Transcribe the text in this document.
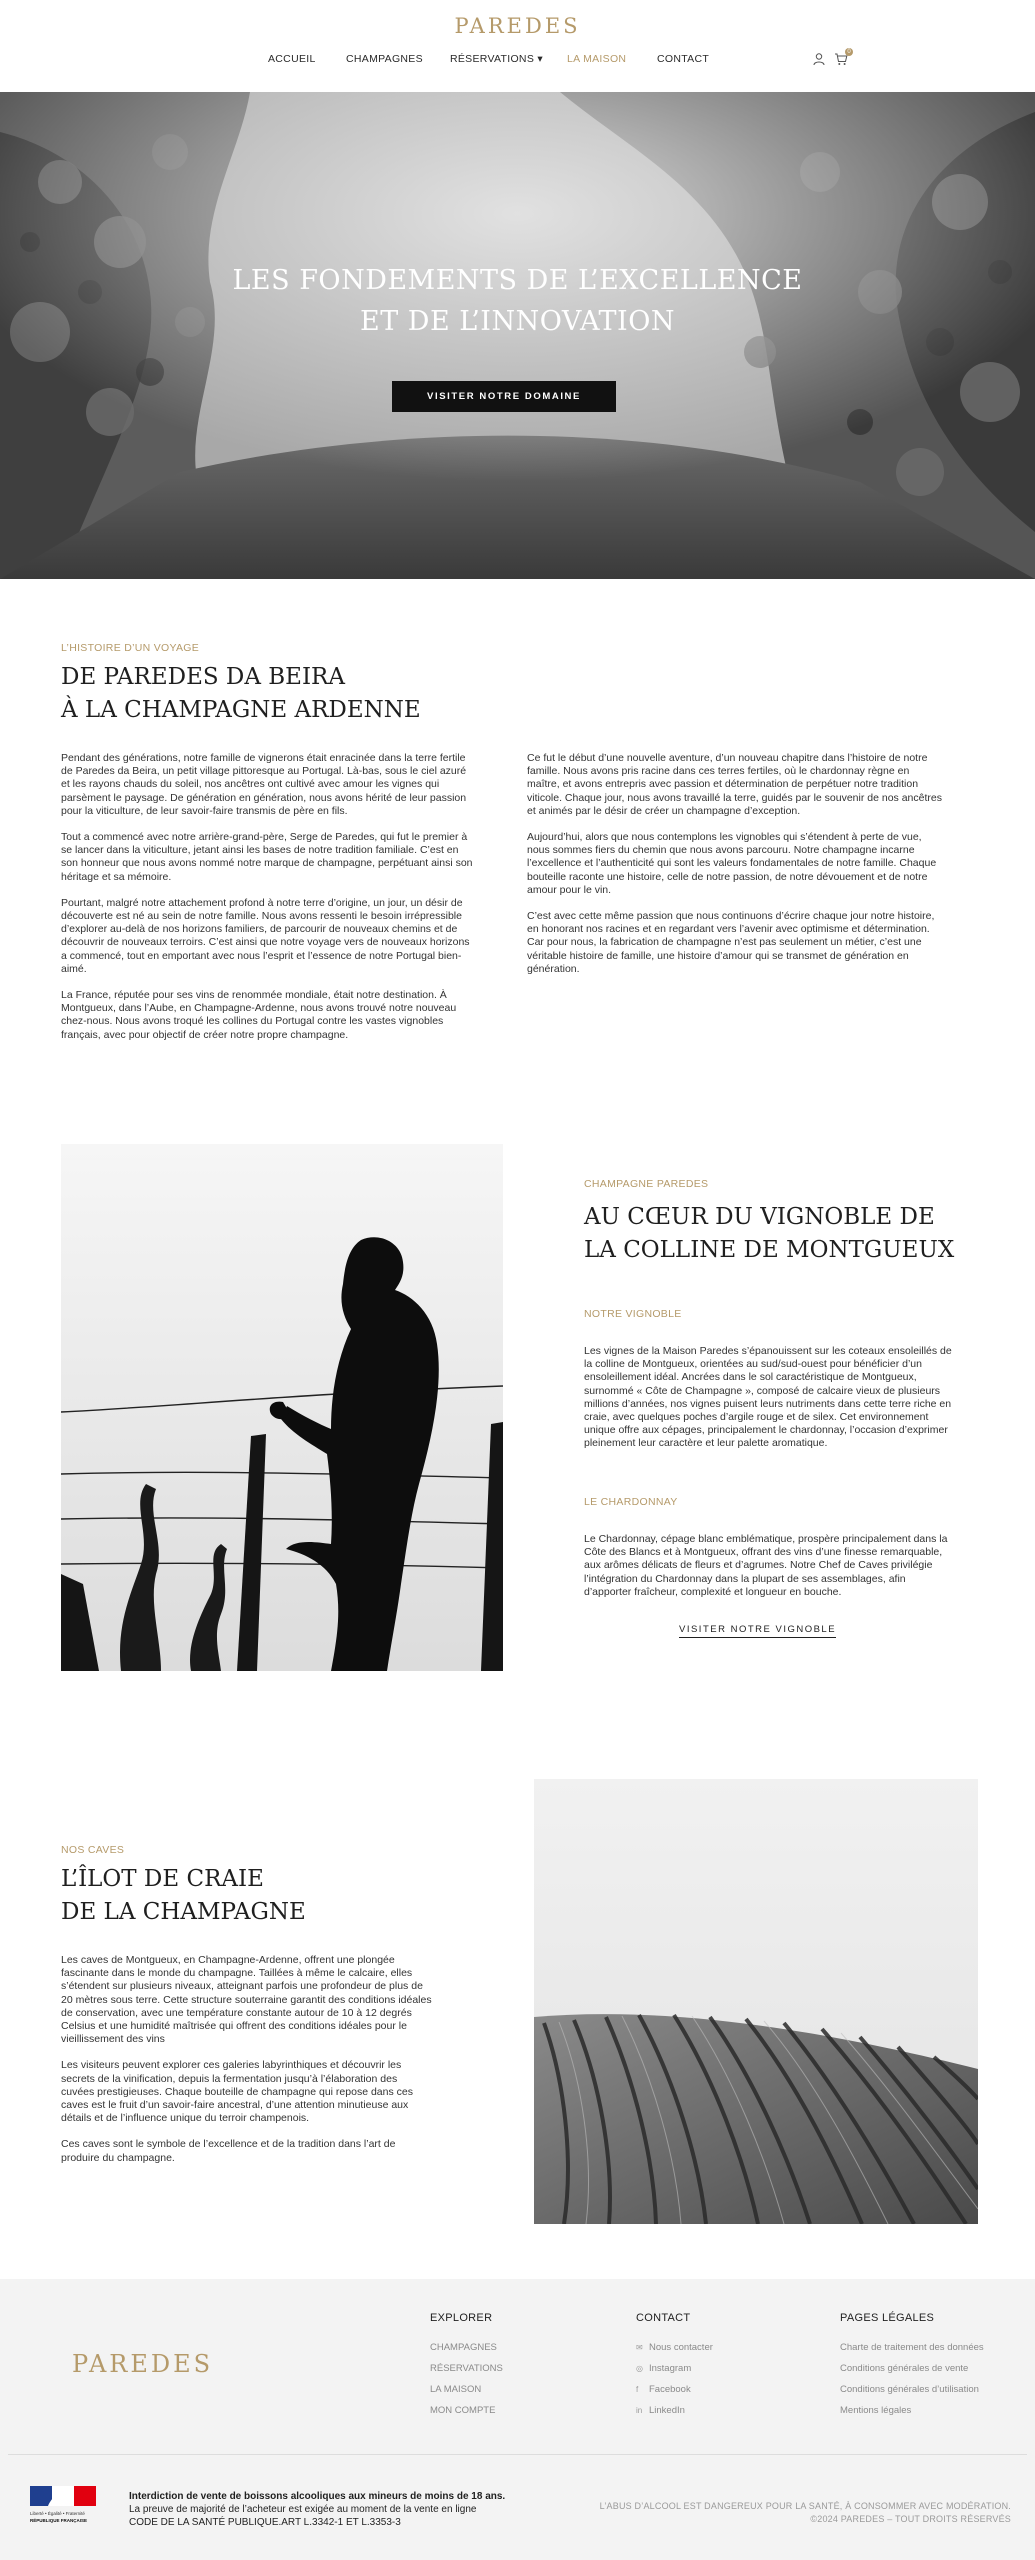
PAREDES
ACCUEIL	CHAMPAGNES	RÉSERVATIONS ▾ LA MAISON	CONTACT
0
LES FONDEMENTS DE L’EXCELLENCE
ET DE L’INNOVATION
VISITER NOTRE DOMAINE
L’HISTOIRE D’UN VOYAGE
DE PAREDES DA BEIRA
À LA CHAMPAGNE ARDENNE

Pendant des générations, notre famille de vignerons était enracinée dans la terre fertile de Paredes da Beira, un petit village pittoresque au Portugal. Là-bas, sous le ciel azuré et les rayons chauds du soleil, nos ancêtres ont cultivé avec amour les vignes qui parsèment le paysage. De génération en génération, nous avons hérité de leur passion pour la viticulture, de leur savoir-faire transmis de père en fils.

Tout a commencé avec notre arrière-grand-père, Serge de Paredes, qui fut le premier à se lancer dans la viticulture, jetant ainsi les bases de notre tradition familiale. C’est en son honneur que nous avons nommé notre marque de champagne, perpétuant ainsi son héritage et sa mémoire.

Pourtant, malgré notre attachement profond à notre terre d’origine, un jour, un désir de découverte est né au sein de notre famille. Nous avons ressenti le besoin irrépressible d’explorer au-delà de nos horizons familiers, de parcourir de nouveaux chemins et de découvrir de nouveaux terroirs. C’est ainsi que notre voyage vers de nouveaux horizons a commencé, tout en emportant avec nous l’esprit et l’essence de notre Portugal bien-aimé.

La France, réputée pour ses vins de renommée mondiale, était notre destination. À Montgueux, dans l’Aube, en Champagne-Ardenne, nous avons trouvé notre nouveau chez-nous. Nous avons troqué les collines du Portugal contre les vastes vignobles français, avec pour objectif de créer notre propre champagne.

Ce fut le début d’une nouvelle aventure, d’un nouveau chapitre dans l’histoire de notre famille. Nous avons pris racine dans ces terres fertiles, où le chardonnay règne en maître, et avons entrepris avec passion et détermination de perpétuer notre tradition viticole. Chaque jour, nous avons travaillé la terre, guidés par le souvenir de nos ancêtres et animés par le désir de créer un champagne d’exception.

Aujourd’hui, alors que nous contemplons les vignobles qui s’étendent à perte de vue, nous sommes fiers du chemin que nous avons parcouru. Notre champagne incarne l’excellence et l’authenticité qui sont les valeurs fondamentales de notre famille. Chaque bouteille raconte une histoire, celle de notre passion, de notre dévouement et de notre amour pour le vin.

C’est avec cette même passion que nous continuons d’écrire chaque jour notre histoire, en honorant nos racines et en regardant vers l’avenir avec optimisme et détermination. Car pour nous, la fabrication de champagne n’est pas seulement un métier, c’est une véritable histoire de famille, une histoire d’amour qui se transmet de génération en génération.

CHAMPAGNE PAREDES
AU CŒUR DU VIGNOBLE DE
LA COLLINE DE MONTGUEUX
NOTRE VIGNOBLE

Les vignes de la Maison Paredes s’épanouissent sur les coteaux ensoleillés de la colline de Montgueux, orientées au sud/sud-ouest pour bénéficier d’un ensoleillement idéal. Ancrées dans le sol caractéristique de Montgueux, surnommé « Côte de Champagne », composé de calcaire vieux de plusieurs millions d’années, nos vignes puisent leurs nutriments dans cette terre riche en craie, avec quelques poches d’argile rouge et de silex. Cet environnement unique offre aux cépages, principalement le chardonnay, l’occasion d’exprimer pleinement leur caractère et leur palette aromatique.

LE CHARDONNAY

Le Chardonnay, cépage blanc emblématique, prospère principalement dans la Côte des Blancs et à Montgueux, offrant des vins d’une finesse remarquable, aux arômes délicats de fleurs et d’agrumes. Notre Chef de Caves privilégie l’intégration du Chardonnay dans la plupart de ses assemblages, afin d’apporter fraîcheur, complexité et longueur en bouche.

VISITER NOTRE VIGNOBLE
NOS CAVES
L’ÎLOT DE CRAIE
DE LA CHAMPAGNE

Les caves de Montgueux, en Champagne-Ardenne, offrent une plongée fascinante dans le monde du champagne. Taillées à même le calcaire, elles s’étendent sur plusieurs niveaux, atteignant parfois une profondeur de plus de 20 mètres sous terre. Cette structure souterraine garantit des conditions idéales de conservation, avec une température constante autour de 10 à 12 degrés Celsius et une humidité maîtrisée qui offrent des conditions idéales pour le vieillissement des vins

Les visiteurs peuvent explorer ces galeries labyrinthiques et découvrir les secrets de la vinification, depuis la fermentation jusqu’à l’élaboration des cuvées prestigieuses. Chaque bouteille de champagne qui repose dans ces caves est le fruit d’un savoir-faire ancestral, d’une attention minutieuse aux détails et de l’influence unique du terroir champenois.

Ces caves sont le symbole de l’excellence et de la tradition dans l’art de produire du champagne.

PAREDES
EXPLORER
CHAMPAGNES
RÉSERVATIONS
LA MAISON
MON COMPTE
CONTACT
✉ Nous contacter
◎ Instagram
f Facebook
in LinkedIn
PAGES LÉGALES
Charte de traitement des données
Conditions générales de vente
Conditions générales d’utilisation
Mentions légales
Liberté • Égalité • Fraternité
RÉPUBLIQUE FRANÇAISE
Interdiction de vente de boissons alcooliques aux mineurs de moins de 18 ans.
La preuve de majorité de l’acheteur est exigée au moment de la vente en ligne
CODE DE LA SANTÉ PUBLIQUE.ART L.3342-1 ET L.3353-3
L’ABUS D’ALCOOL EST DANGEREUX POUR LA SANTÉ, À CONSOMMER AVEC MODÉRATION.
©2024 PAREDES – TOUT DROITS RÉSERVÉS
